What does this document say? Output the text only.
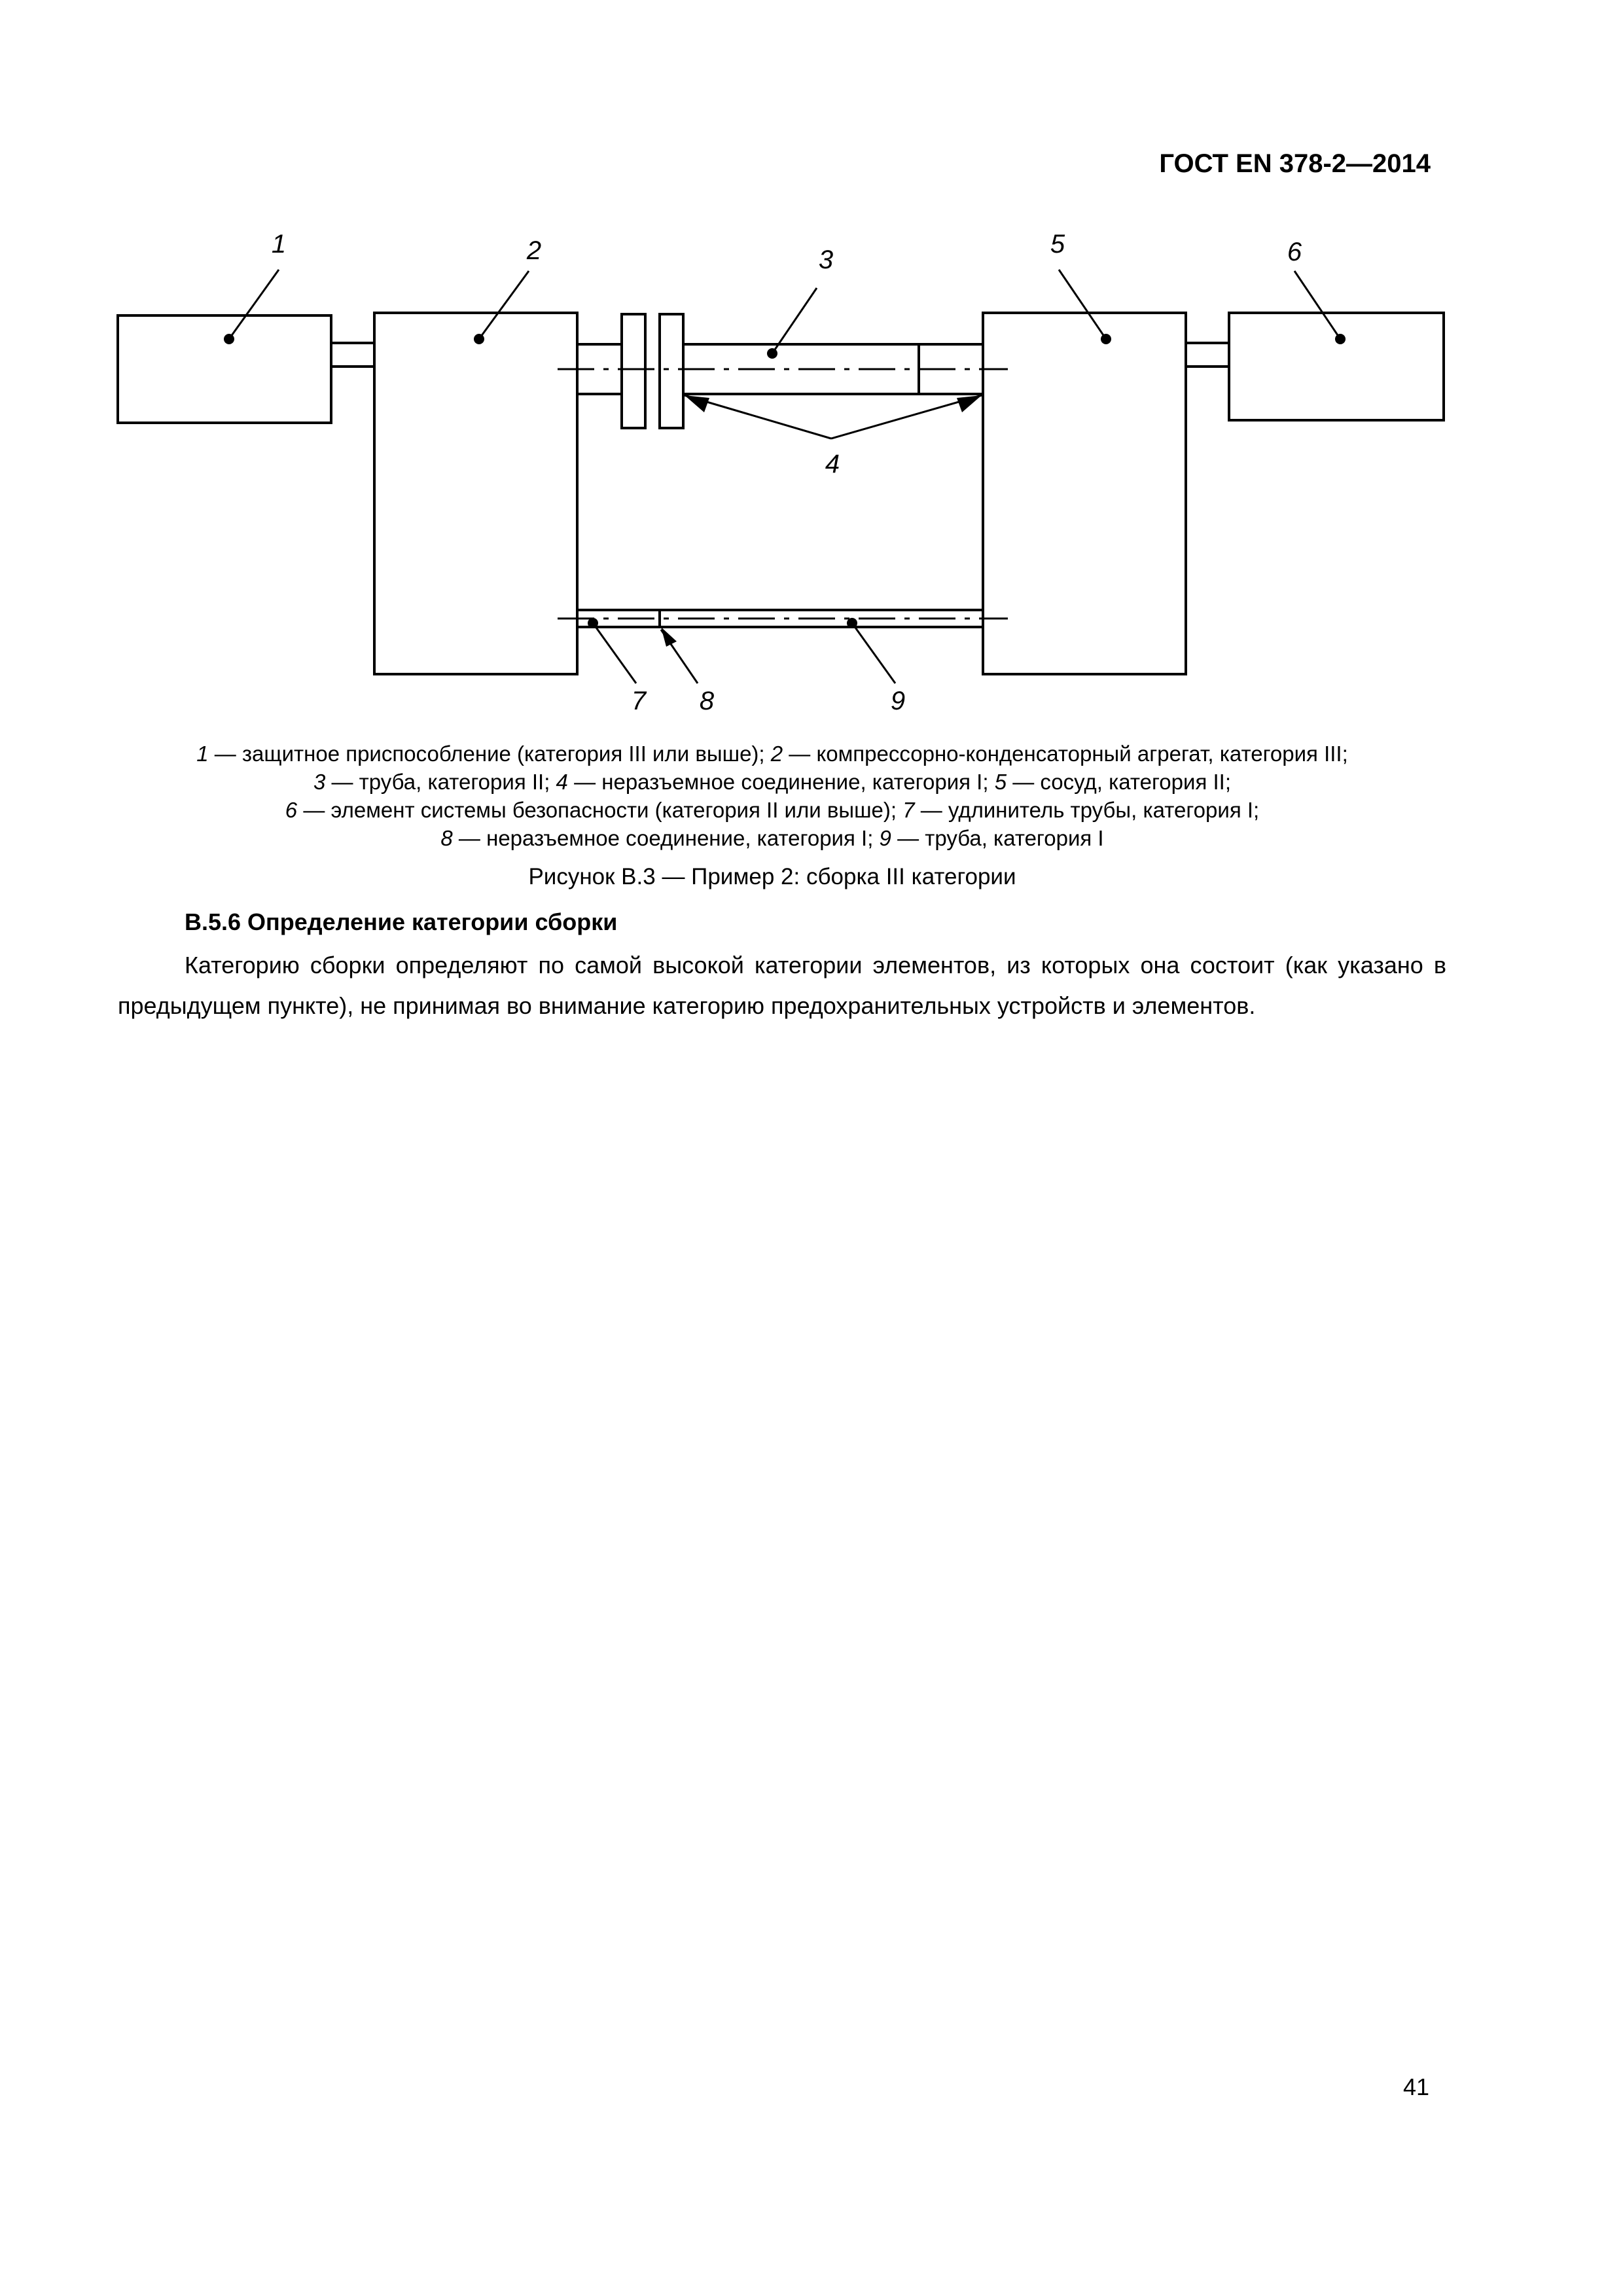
ГОСТ EN 378-2—2014

1	2	3
4
5	6
7 8	9
1 — защитное приспособление (категория III или выше); 2 — компрессорно-конденсаторный агрегат, категория III;
3 — труба, категория II; 4 — неразъемное соединение, категория I; 5 — сосуд, категория II;
6 — элемент системы безопасности (категория II или выше); 7 — удлинитель трубы, категория I;
8 — неразъемное соединение, категория I; 9 — труба, категория I

Рисунок B.3 — Пример 2: сборка III категории

B.5.6 Определение категории сборки

Категорию сборки определяют по самой высокой категории элементов, из которых она состоит (как указано в предыдущем пункте), не принимая во внимание категорию предохранительных устройств и элементов.

41
